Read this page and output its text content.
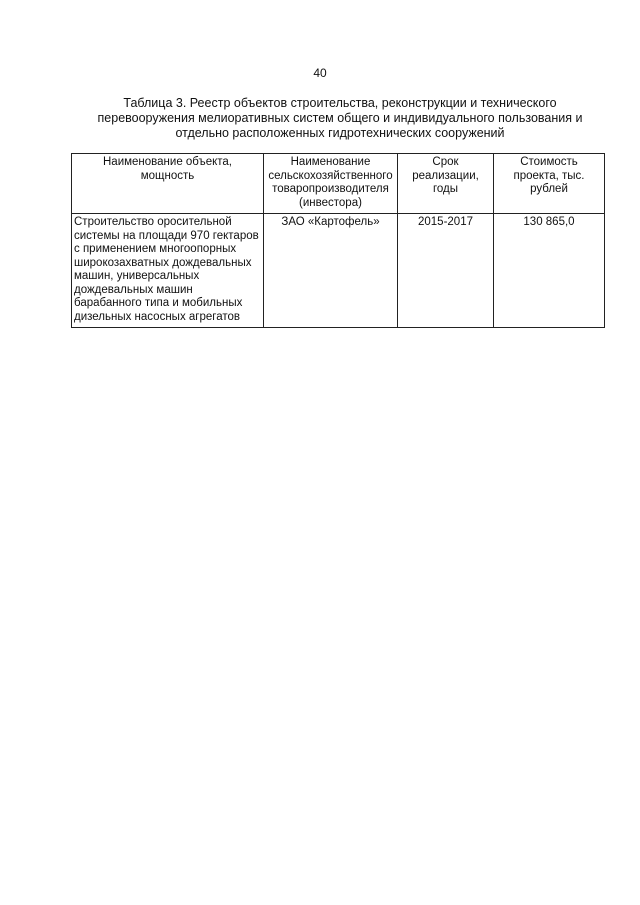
40
Таблица 3. Реестр объектов строительства, реконструкции и технического
перевооружения мелиоративных систем общего и индивидуального пользования и
отдельно расположенных гидротехнических сооружений
Наименование объекта, мощность	Наименование сельскохозяйственного товаропроизводителя (инвестора)	Срок реализации, годы	Стоимость проекта, тыс. рублей
Строительство оросительной системы на площади 970 гектаров с применением многоопорных широкозахватных дождевальных машин, универсальных дождевальных машин барабанного типа и мобильных дизельных насосных агрегатов	ЗАО «Картофель»	2015-2017	130 865,0
